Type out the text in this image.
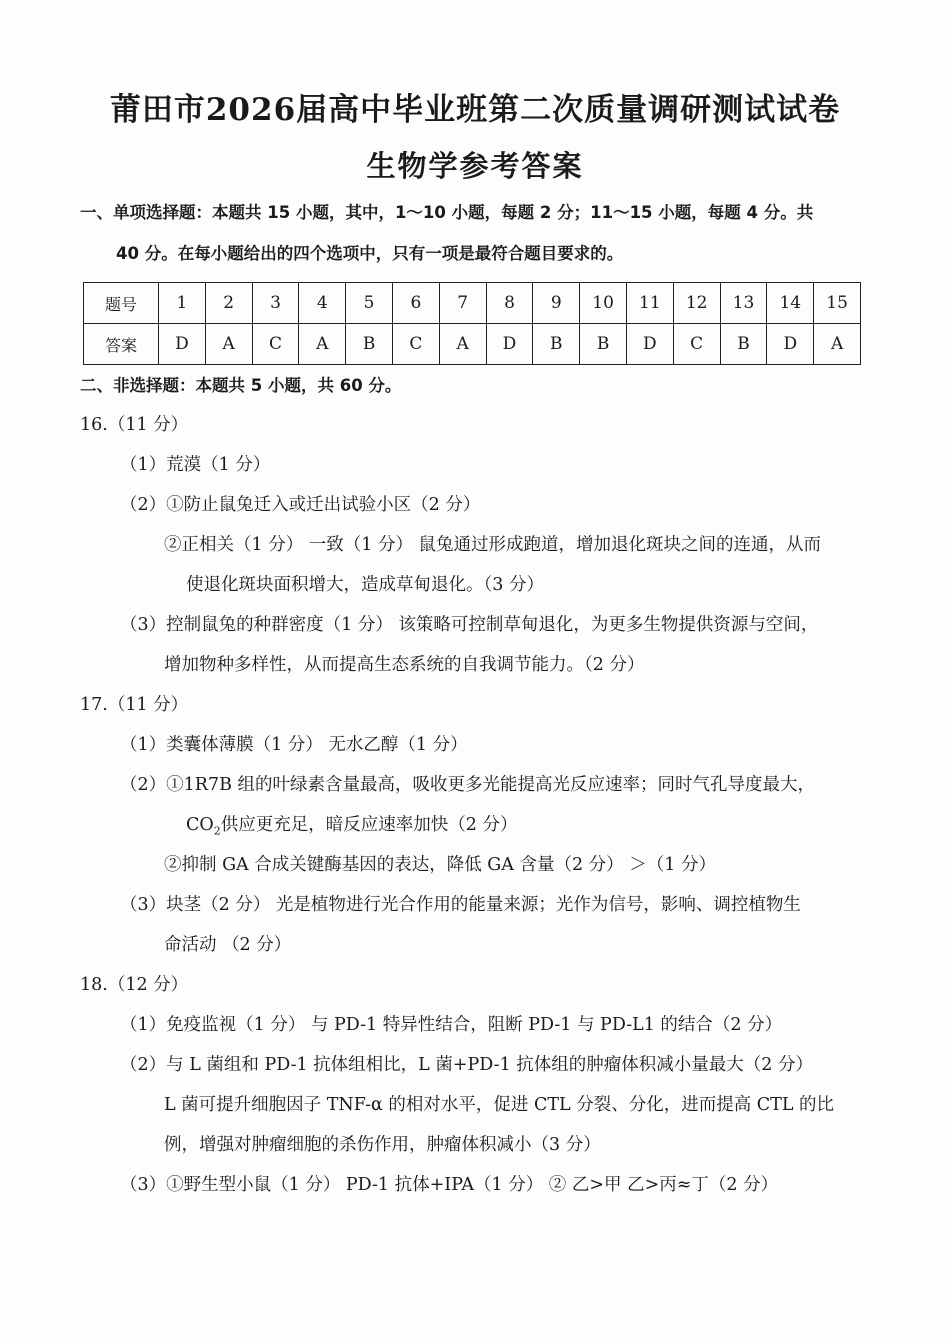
莆田市2026届高中毕业班第二次质量调研测试试卷
生物学参考答案
一、单项选择题：本题共 15 小题，其中，1～10 小题，每题 2 分；11～15 小题，每题 4 分。共
40 分。在每小题给出的四个选项中，只有一项是最符合题目要求的。
题号	1	2	3	4	5	6	7	8	9	10	11	12	13	14	15
答案	D	A	C	A	B	C	A	D	B	B	D	C	B	D	A
二、非选择题：本题共 5 小题，共 60 分。
16.（11 分）
（1）荒漠（1 分）
（2）①防止鼠兔迁入或迁出试验小区（2 分）
②正相关（1 分） 一致（1 分） 鼠兔通过形成跑道，增加退化斑块之间的连通，从而
使退化斑块面积增大，造成草甸退化。（3 分）
（3）控制鼠兔的种群密度（1 分） 该策略可控制草甸退化，为更多生物提供资源与空间，
增加物种多样性，从而提高生态系统的自我调节能力。（2 分）
17.（11 分）
（1）类囊体薄膜（1 分） 无水乙醇（1 分）
（2）①1R7B 组的叶绿素含量最高，吸收更多光能提高光反应速率；同时气孔导度最大，
$CO_2$供应更充足，暗反应速率加快（2 分）
②抑制 GA 合成关键酶基因的表达，降低 GA 含量（2 分） ＞（1 分）
（3）块茎（2 分） 光是植物进行光合作用的能量来源；光作为信号，影响、调控植物生
命活动 （2 分）
18.（12 分）
（1）免疫监视（1 分） 与 PD-1 特异性结合，阻断 PD-1 与 PD-L1 的结合（2 分）
（2）与 L 菌组和 PD-1 抗体组相比，L 菌+PD-1 抗体组的肿瘤体积减小量最大（2 分）
L 菌可提升细胞因子 TNF-α 的相对水平，促进 CTL 分裂、分化，进而提高 CTL 的比
例，增强对肿瘤细胞的杀伤作用，肿瘤体积减小（3 分）
（3）①野生型小鼠（1 分） PD-1 抗体+IPA（1 分） ② 乙>甲 乙>丙≈丁（2 分）
